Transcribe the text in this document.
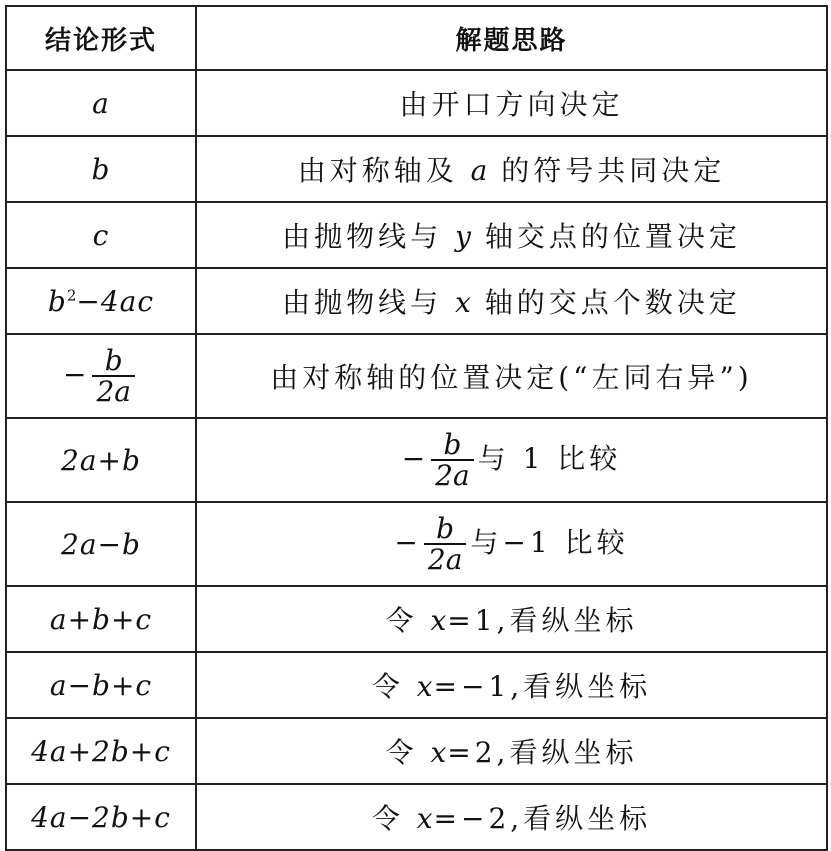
结论形式	解题思路
a	由开口方向决定
b	由对称轴及 a 的符号共同决定
c	由抛物线与 y 轴交点的位置决定
$b^2-4ac$	由抛物线与 x 轴的交点个数决定
− $\frac{b}{2a}$	由对称轴的位置决定(“左同右异”)
2a+b	− $\frac{b}{2a}$ 与 1 比较
2a−b	− $\frac{b}{2a}$ 与−1 比较
a+b+c	令 x=1,看纵坐标
a−b+c	令 x=−1,看纵坐标
4a+2b+c	令 x=2,看纵坐标
4a−2b+c	令 x=−2,看纵坐标
